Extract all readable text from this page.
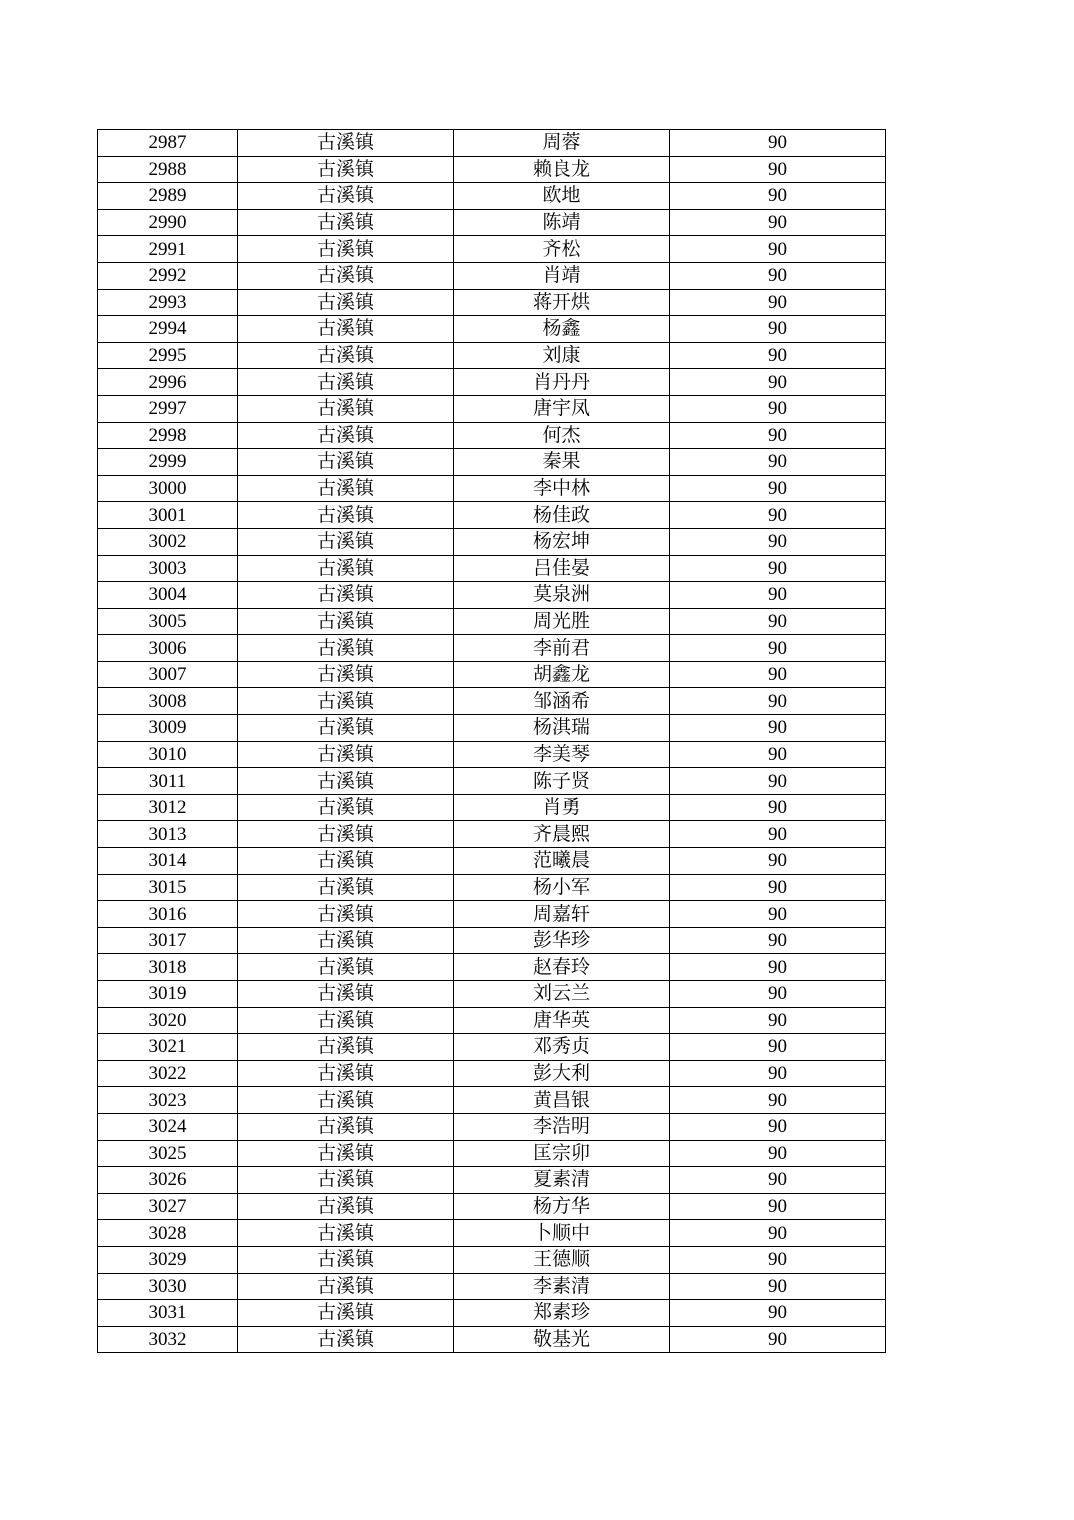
2987	古溪镇	周蓉	90
2988	古溪镇	赖良龙	90
2989	古溪镇	欧地	90
2990	古溪镇	陈靖	90
2991	古溪镇	齐松	90
2992	古溪镇	肖靖	90
2993	古溪镇	蒋开烘	90
2994	古溪镇	杨鑫	90
2995	古溪镇	刘康	90
2996	古溪镇	肖丹丹	90
2997	古溪镇	唐宇凤	90
2998	古溪镇	何杰	90
2999	古溪镇	秦果	90
3000	古溪镇	李中林	90
3001	古溪镇	杨佳政	90
3002	古溪镇	杨宏坤	90
3003	古溪镇	吕佳晏	90
3004	古溪镇	莫泉洲	90
3005	古溪镇	周光胜	90
3006	古溪镇	李前君	90
3007	古溪镇	胡鑫龙	90
3008	古溪镇	邹涵希	90
3009	古溪镇	杨淇瑞	90
3010	古溪镇	李美琴	90
3011	古溪镇	陈子贤	90
3012	古溪镇	肖勇	90
3013	古溪镇	齐晨熙	90
3014	古溪镇	范曦晨	90
3015	古溪镇	杨小军	90
3016	古溪镇	周嘉轩	90
3017	古溪镇	彭华珍	90
3018	古溪镇	赵春玲	90
3019	古溪镇	刘云兰	90
3020	古溪镇	唐华英	90
3021	古溪镇	邓秀贞	90
3022	古溪镇	彭大利	90
3023	古溪镇	黄昌银	90
3024	古溪镇	李浩明	90
3025	古溪镇	匡宗卯	90
3026	古溪镇	夏素清	90
3027	古溪镇	杨方华	90
3028	古溪镇	卜顺中	90
3029	古溪镇	王德顺	90
3030	古溪镇	李素清	90
3031	古溪镇	郑素珍	90
3032	古溪镇	敬基光	90
